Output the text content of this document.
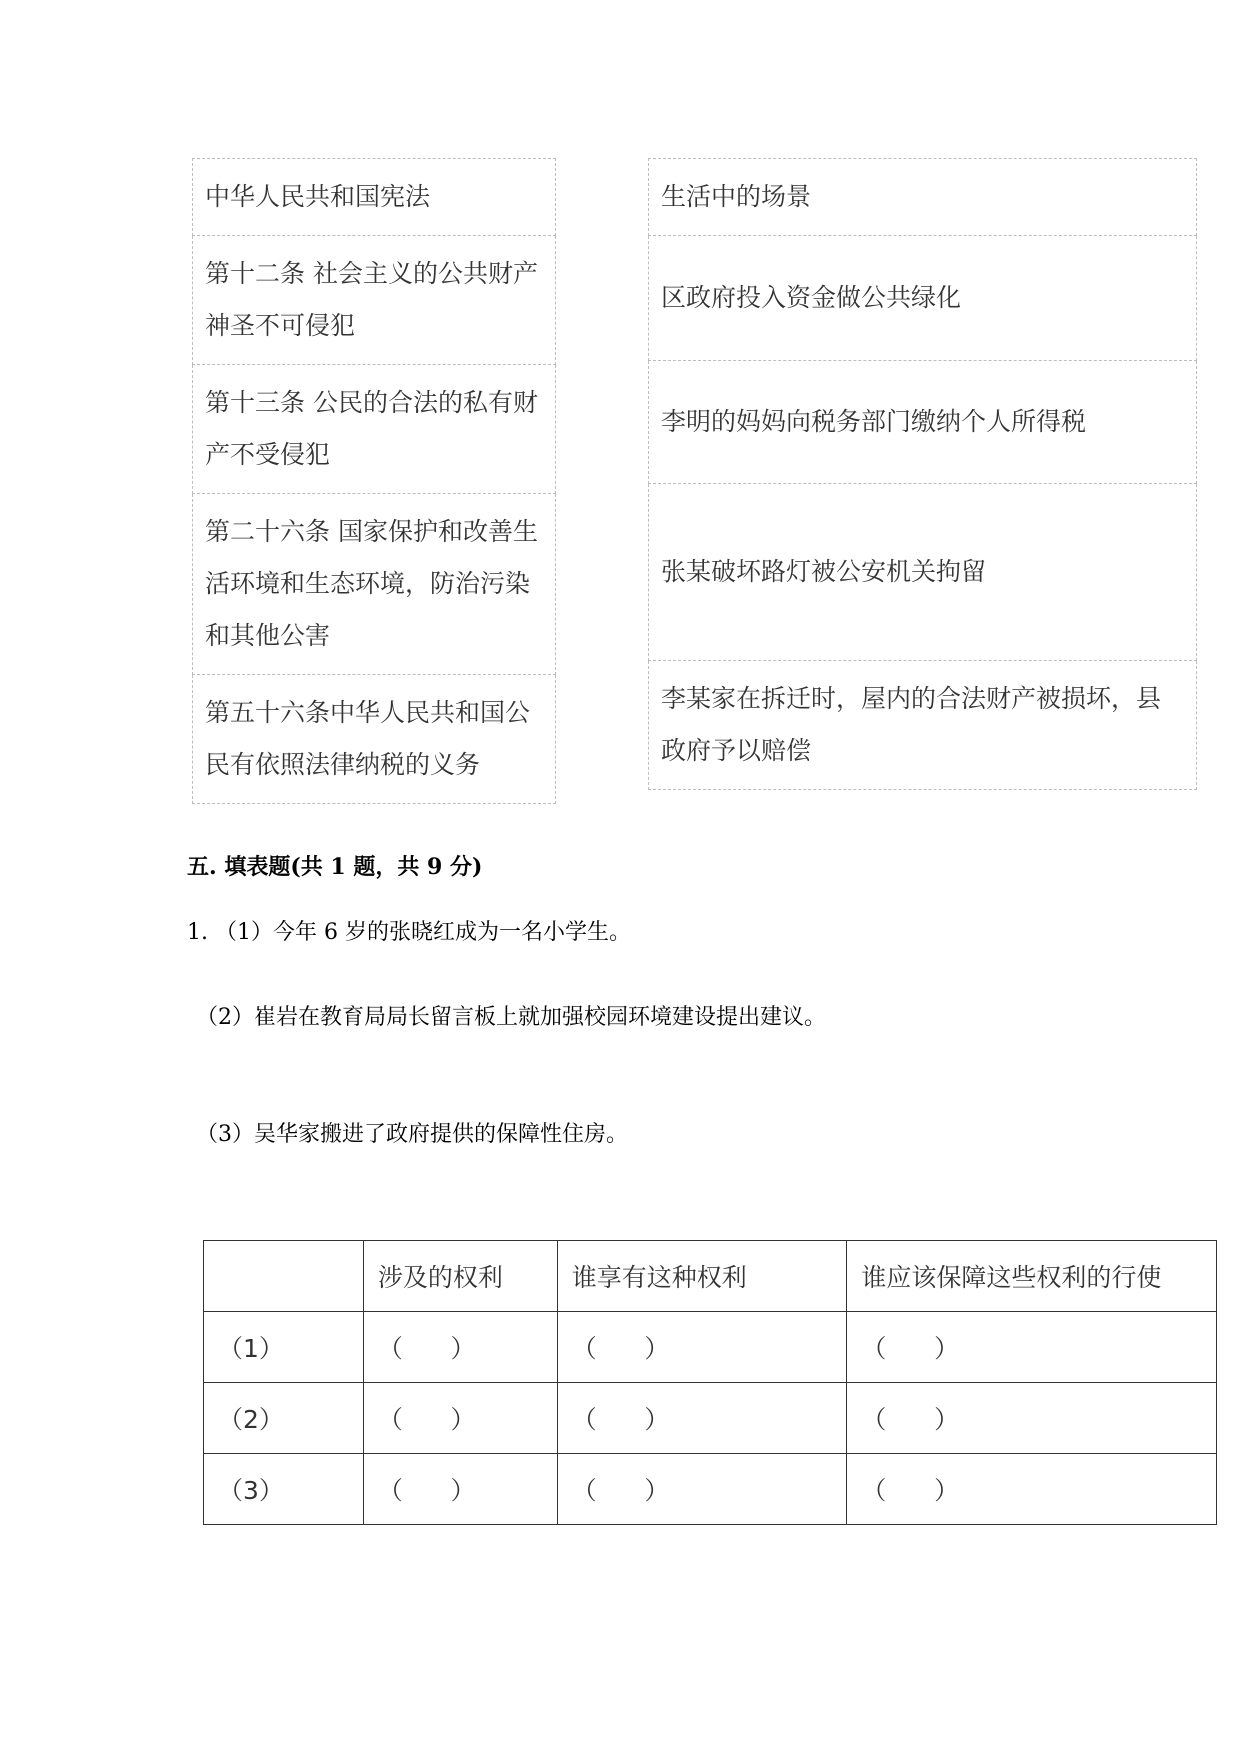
中华人民共和国宪法
第十二条 社会主义的公共财产神圣不可侵犯
第十三条 公民的合法的私有财产不受侵犯
第二十六条 国家保护和改善生活环境和生态环境，防治污染和其他公害
第五十六条中华人民共和国公民有依照法律纳税的义务
生活中的场景
区政府投入资金做公共绿化
李明的妈妈向税务部门缴纳个人所得税
张某破坏路灯被公安机关拘留
李某家在拆迁时，屋内的合法财产被损坏，县政府予以赔偿
五. 填表题(共 1 题，共 9 分)
1. （1）今年 6 岁的张晓红成为一名小学生。
（2）崔岩在教育局局长留言板上就加强校园环境建设提出建议。
（3）吴华家搬进了政府提供的保障性住房。
	涉及的权利	谁享有这种权利	谁应该保障这些权利的行使
（1）	（      ）	（      ）	（      ）
（2）	（      ）	（      ）	（      ）
（3）	（      ）	（      ）	（      ）
